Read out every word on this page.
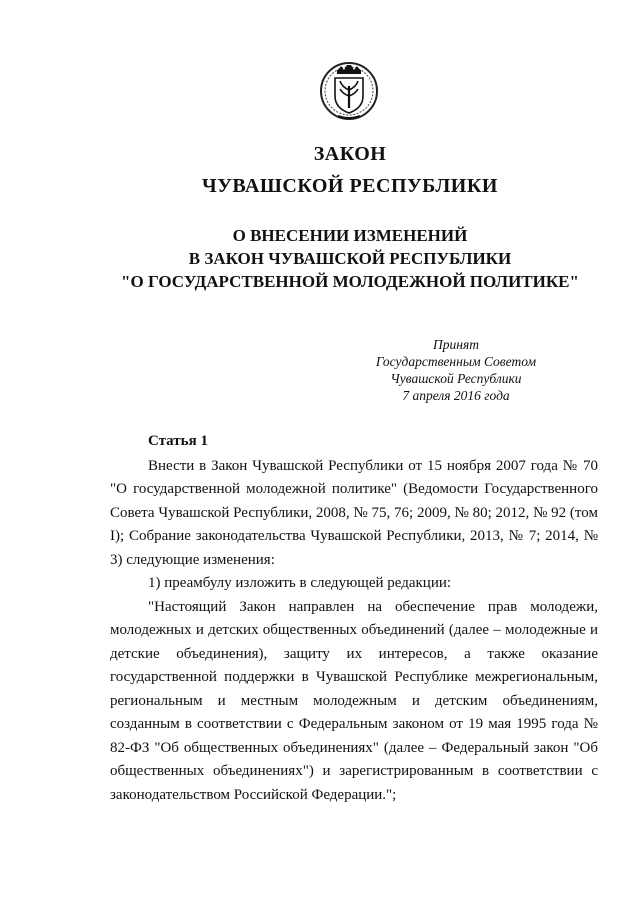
ЗАКОН
ЧУВАШСКОЙ РЕСПУБЛИКИ
О ВНЕСЕНИИ ИЗМЕНЕНИЙ
В ЗАКОН ЧУВАШСКОЙ РЕСПУБЛИКИ
"О ГОСУДАРСТВЕННОЙ МОЛОДЕЖНОЙ ПОЛИТИКЕ"
Принят
Государственным Советом
Чувашской Республики
7 апреля 2016 года
Статья 1

Внести в Закон Чувашской Республики от 15 ноября 2007 года № 70 "О государственной молодежной политике" (Ведомости Государственного Совета Чувашской Республики, 2008, № 75, 76; 2009, № 80; 2012, № 92 (том I); Собрание законодательства Чувашской Республики, 2013, № 7; 2014, № 3) следующие изменения:

1) преамбулу изложить в следующей редакции:

"Настоящий Закон направлен на обеспечение прав молодежи, молодежных и детских общественных объединений (далее – молодежные и детские объединения), защиту их интересов, а также оказание государственной поддержки в Чувашской Республике межрегиональным, региональным и местным молодежным и детским объединениям, созданным в соответствии с Федеральным законом от 19 мая 1995 года № 82-ФЗ "Об общественных объединениях" (далее – Федеральный закон "Об общественных объединениях") и зарегистрированным в соответствии с законодательством Российской Федерации.";
